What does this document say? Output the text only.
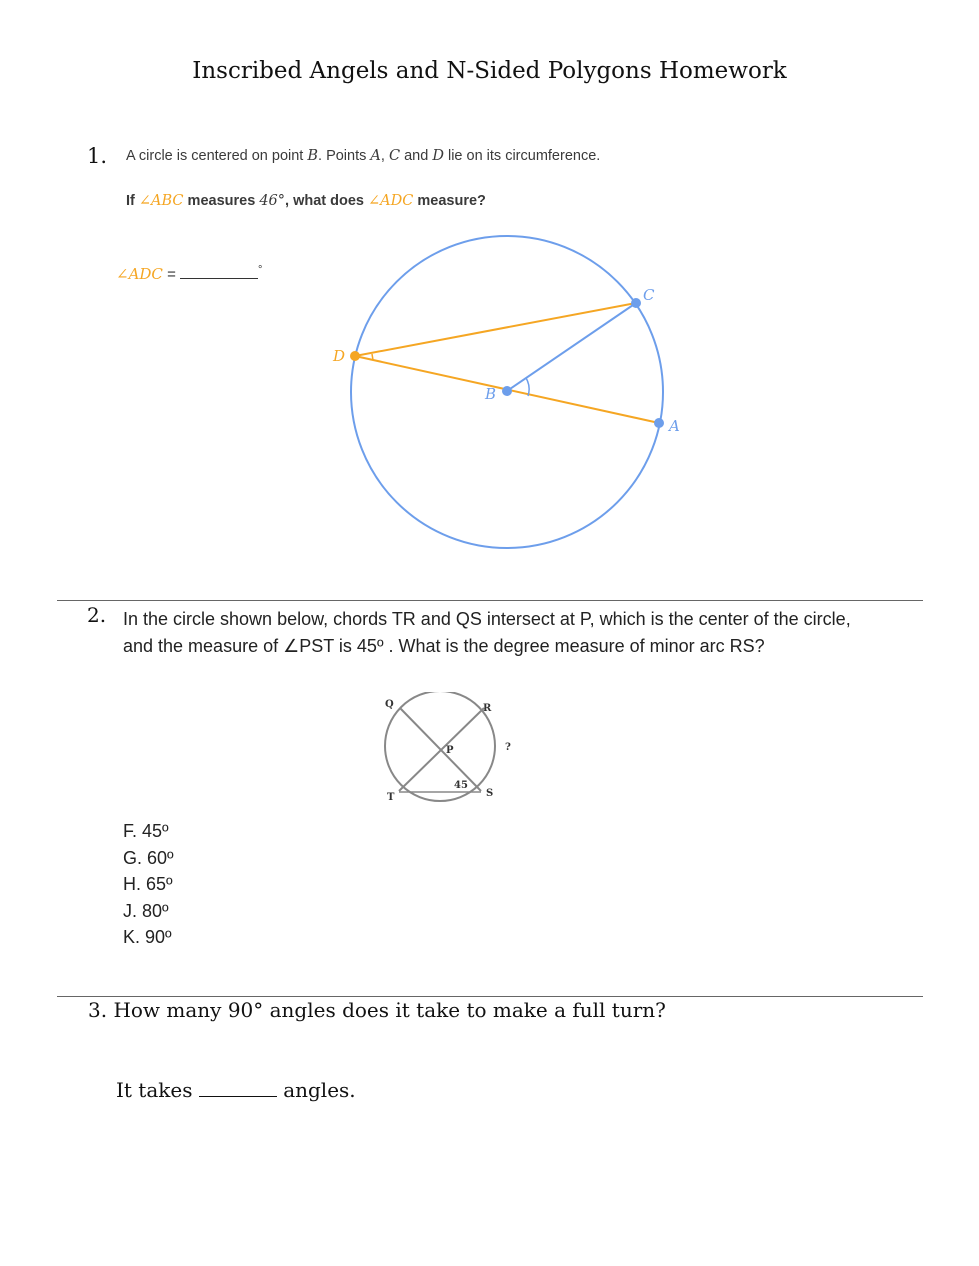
Inscribed Angels and N-Sided Polygons Homework
1. A circle is centered on point B. Points A, C and D lie on its circumference.
If ∠ABC measures 46°, what does ∠ADC measure?
∠ADC =	°
D
B
C
A
2. In the circle shown below, chords TR and QS intersect at P, which is the center of the circle, and the measure of ∠PST is 45º . What is the degree measure of minor arc RS?
Q	R
P
T	S
45
?
F. 45º
G. 60º
H. 65º
J. 80º
K. 90º
3. How many 90° angles does it take to make a full turn?
It takes	angles.
